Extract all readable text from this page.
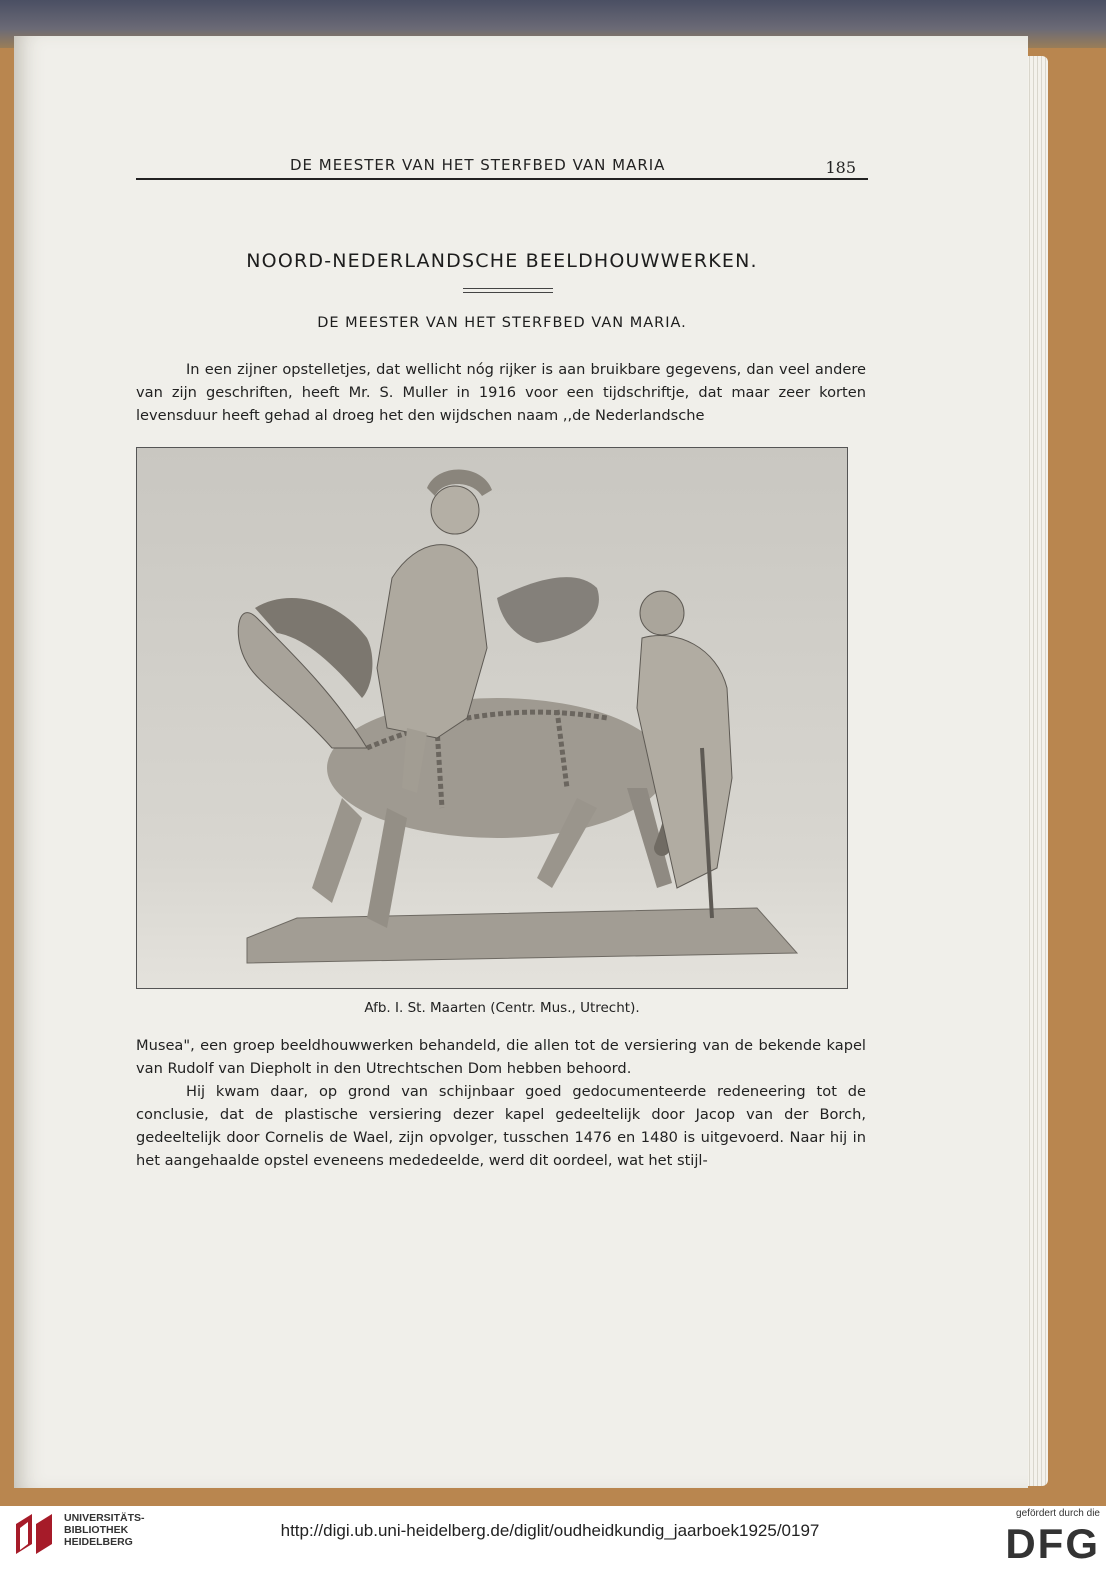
DE MEESTER VAN HET STERFBED VAN MARIA	185
NOORD-NEDERLANDSCHE BEELDHOUWWERKEN.
DE MEESTER VAN HET STERFBED VAN MARIA.

In een zijner opstelletjes, dat wellicht nóg rijker is aan bruikbare gegevens, dan veel andere van zijn geschriften, heeft Mr. S. Muller in 1916 voor een tijdschriftje, dat maar zeer korten levensduur heeft gehad al droeg het den wijdschen naam ,,de Nederlandsche

Afb. I. St. Maarten (Centr. Mus., Utrecht).

Musea", een groep beeldhouwwerken behandeld, die allen tot de versiering van de bekende kapel van Rudolf van Diepholt in den Utrechtschen Dom hebben behoord.

Hij kwam daar, op grond van schijnbaar goed gedocumenteerde redeneering tot de conclusie, dat de plastische versiering dezer kapel gedeeltelijk door Jacop van der Borch, gedeeltelijk door Cornelis de Wael, zijn opvolger, tusschen 1476 en 1480 is uitgevoerd. Naar hij in het aangehaalde opstel eveneens mededeelde, werd dit oordeel, wat het stijl-

UNIVERSITÄTS-
BIBLIOTHEK
HEIDELBERG
http://digi.ub.uni-heidelberg.de/diglit/oudheidkundig_jaarboek1925/0197
gefördert durch die
DFG
